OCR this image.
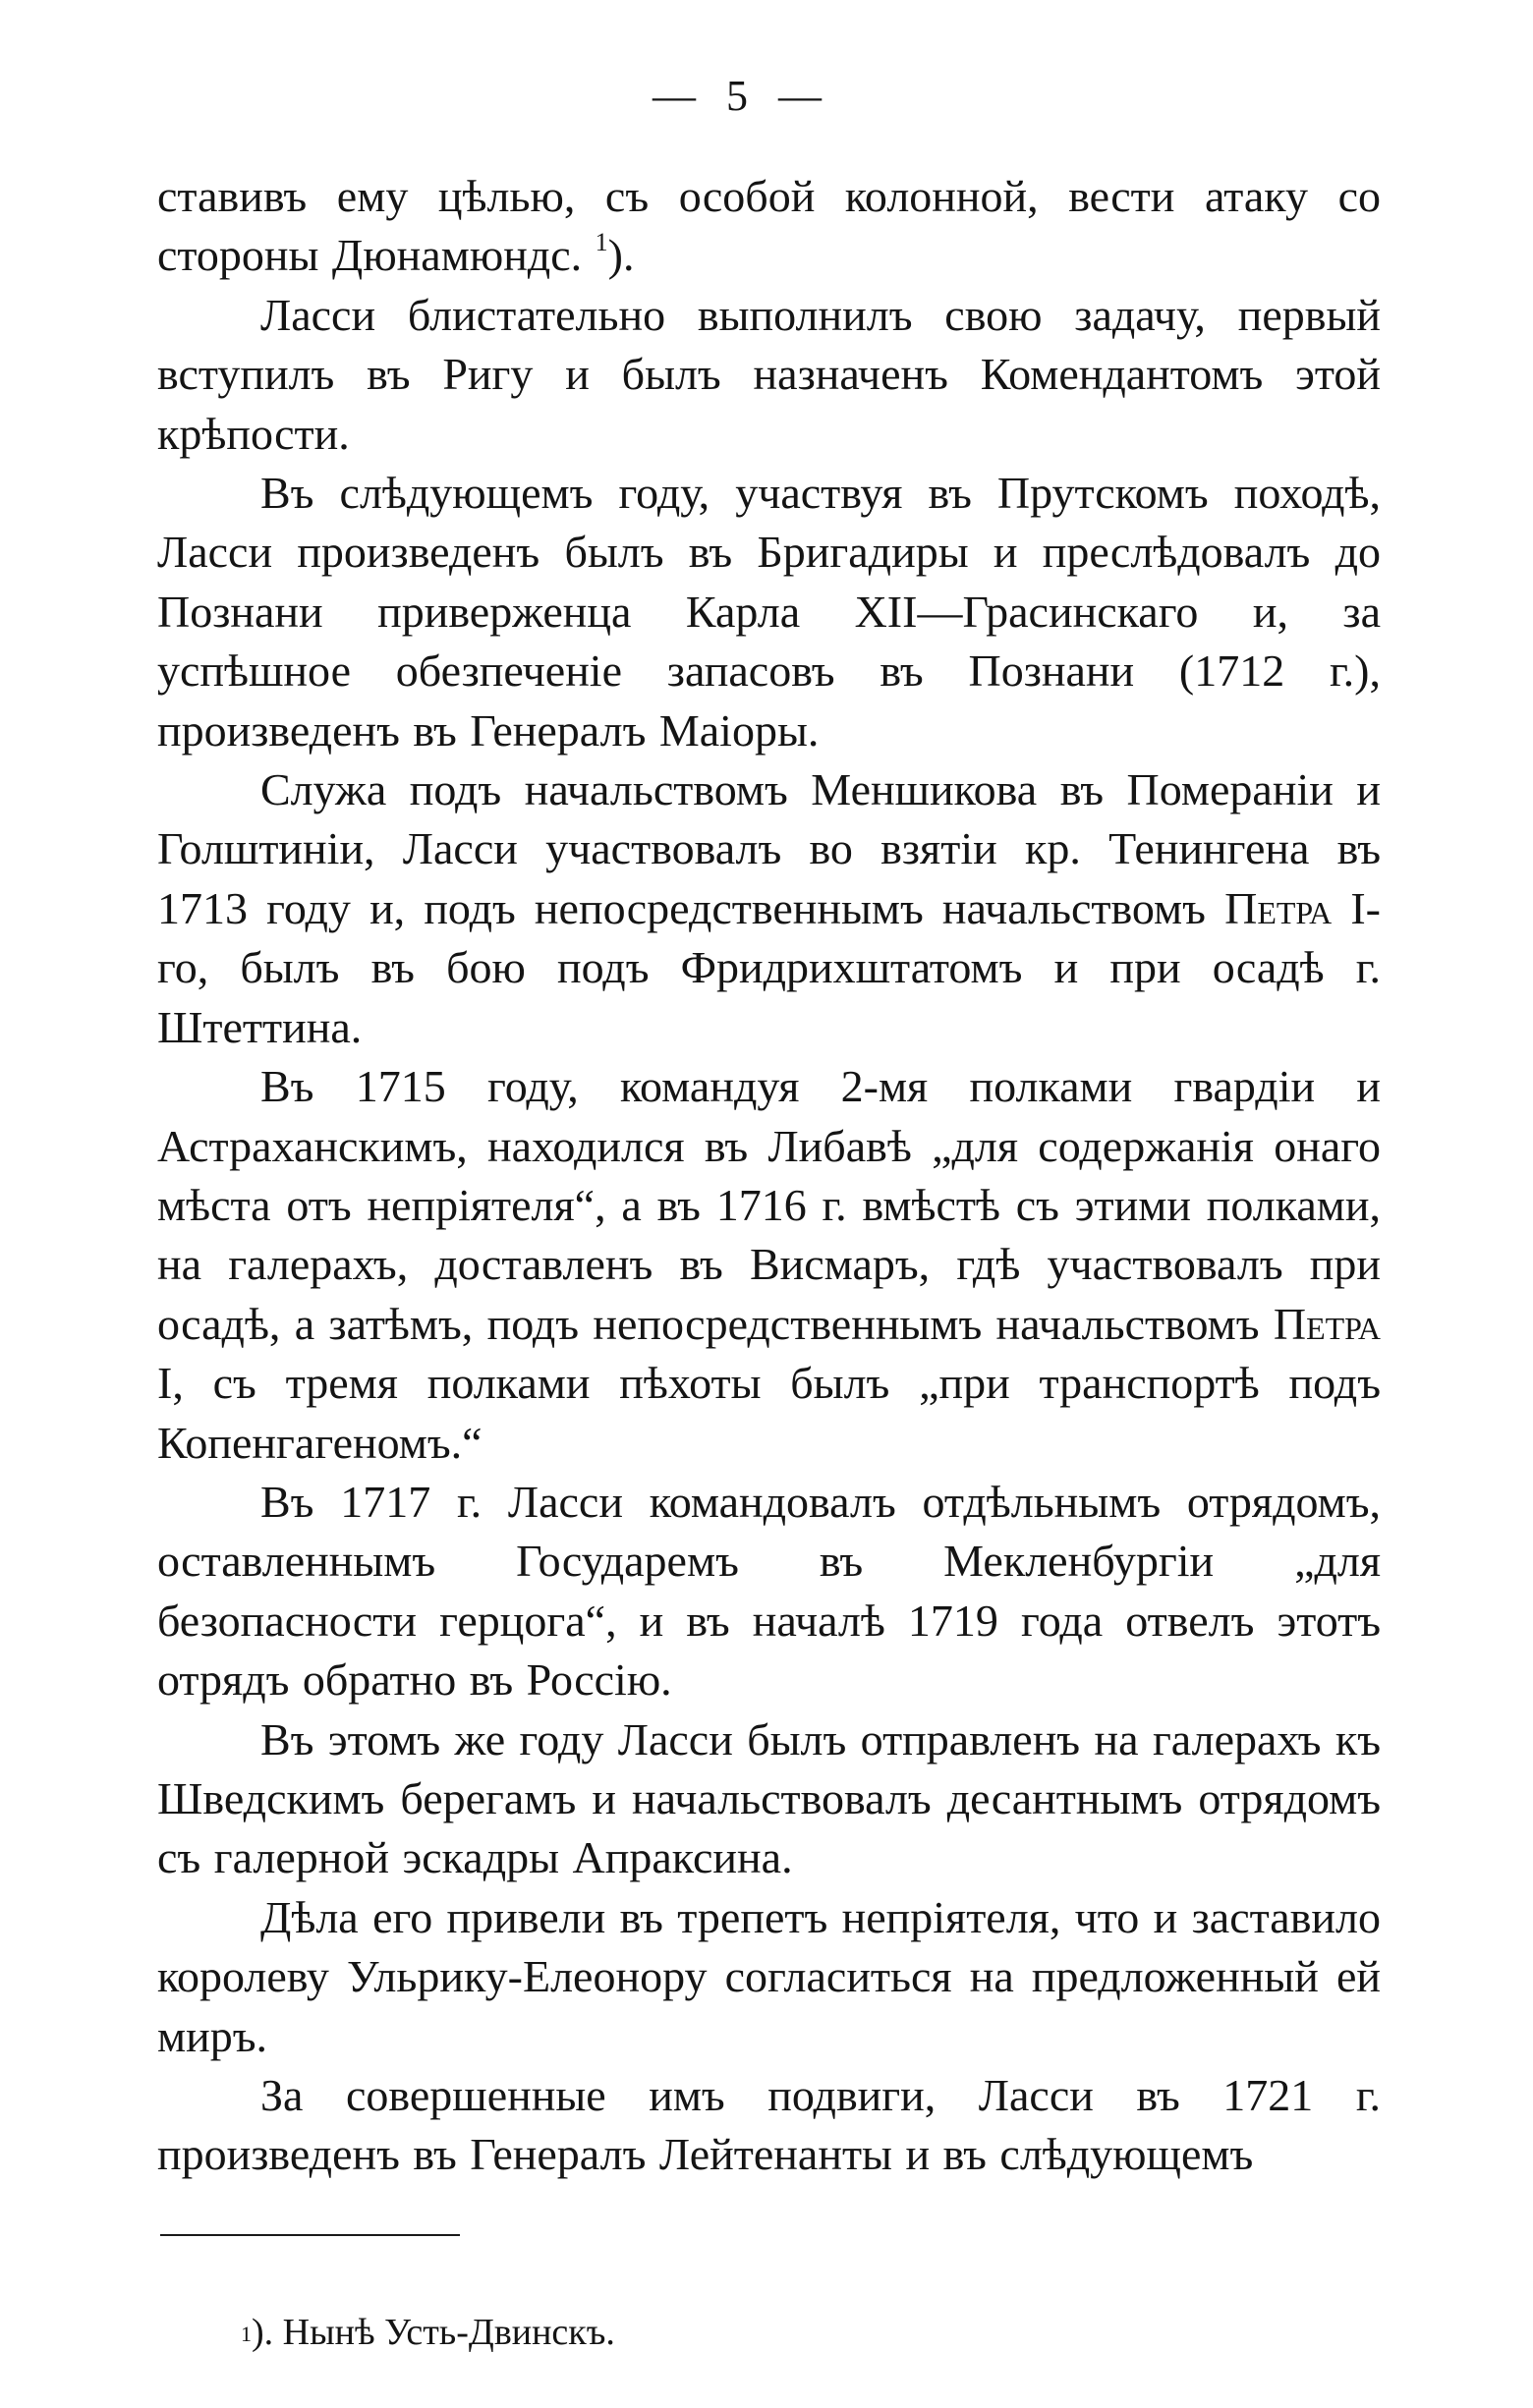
— 5 —

ставивъ ему цѣлью, съ особой колонной, вести атаку со стороны Дюнамюндс. $^1$).

Ласси блистательно выполнилъ свою задачу, первый вступилъ въ Ригу и былъ назначенъ Комендантомъ этой крѣпости.

Въ слѣдующемъ году, участвуя въ Прутскомъ походѣ, Ласси произведенъ былъ въ Бригадиры и преслѣдовалъ до Познани приверженца Карла XII—Грасинскаго и, за успѣшное обезпеченіе запасовъ въ Познани (1712 г.), произведенъ въ Генералъ Маіоры.

Служа подъ начальствомъ Меншикова въ Помераніи и Голштиніи, Ласси участвовалъ во взятіи кр. Тенингена въ 1713 году и, подъ непосредственнымъ начальствомъ Петра I-го, былъ въ бою подъ Фридрихштатомъ и при осадѣ г. Штеттина.

Въ 1715 году, командуя 2-мя полками гвардіи и Астраханскимъ, находился въ Либавѣ „для содержанія онаго мѣста отъ непріятеля“, а въ 1716 г. вмѣстѣ съ этими полками, на галерахъ, доставленъ въ Висмаръ, гдѣ участвовалъ при осадѣ, а затѣмъ, подъ непосредственнымъ начальствомъ Петра I, съ тремя полками пѣхоты былъ „при транспортѣ подъ Копенгагеномъ.“

Въ 1717 г. Ласси командовалъ отдѣльнымъ отрядомъ, оставленнымъ Государемъ въ Мекленбургіи „для безопасности герцога“, и въ началѣ 1719 года отвелъ этотъ отрядъ обратно въ Россію.

Въ этомъ же году Ласси былъ отправленъ на галерахъ къ Шведскимъ берегамъ и начальствовалъ десантнымъ отрядомъ съ галерной эскадры Апраксина.

Дѣла его привели въ трепетъ непріятеля, что и заставило королеву Ульрику-Елеонору согласиться на предложенный ей миръ.

За совершенные имъ подвиги, Ласси въ 1721 г. произведенъ въ Генералъ Лейтенанты и въ слѣдующемъ

$^1$). Нынѣ Усть-Двинскъ.
